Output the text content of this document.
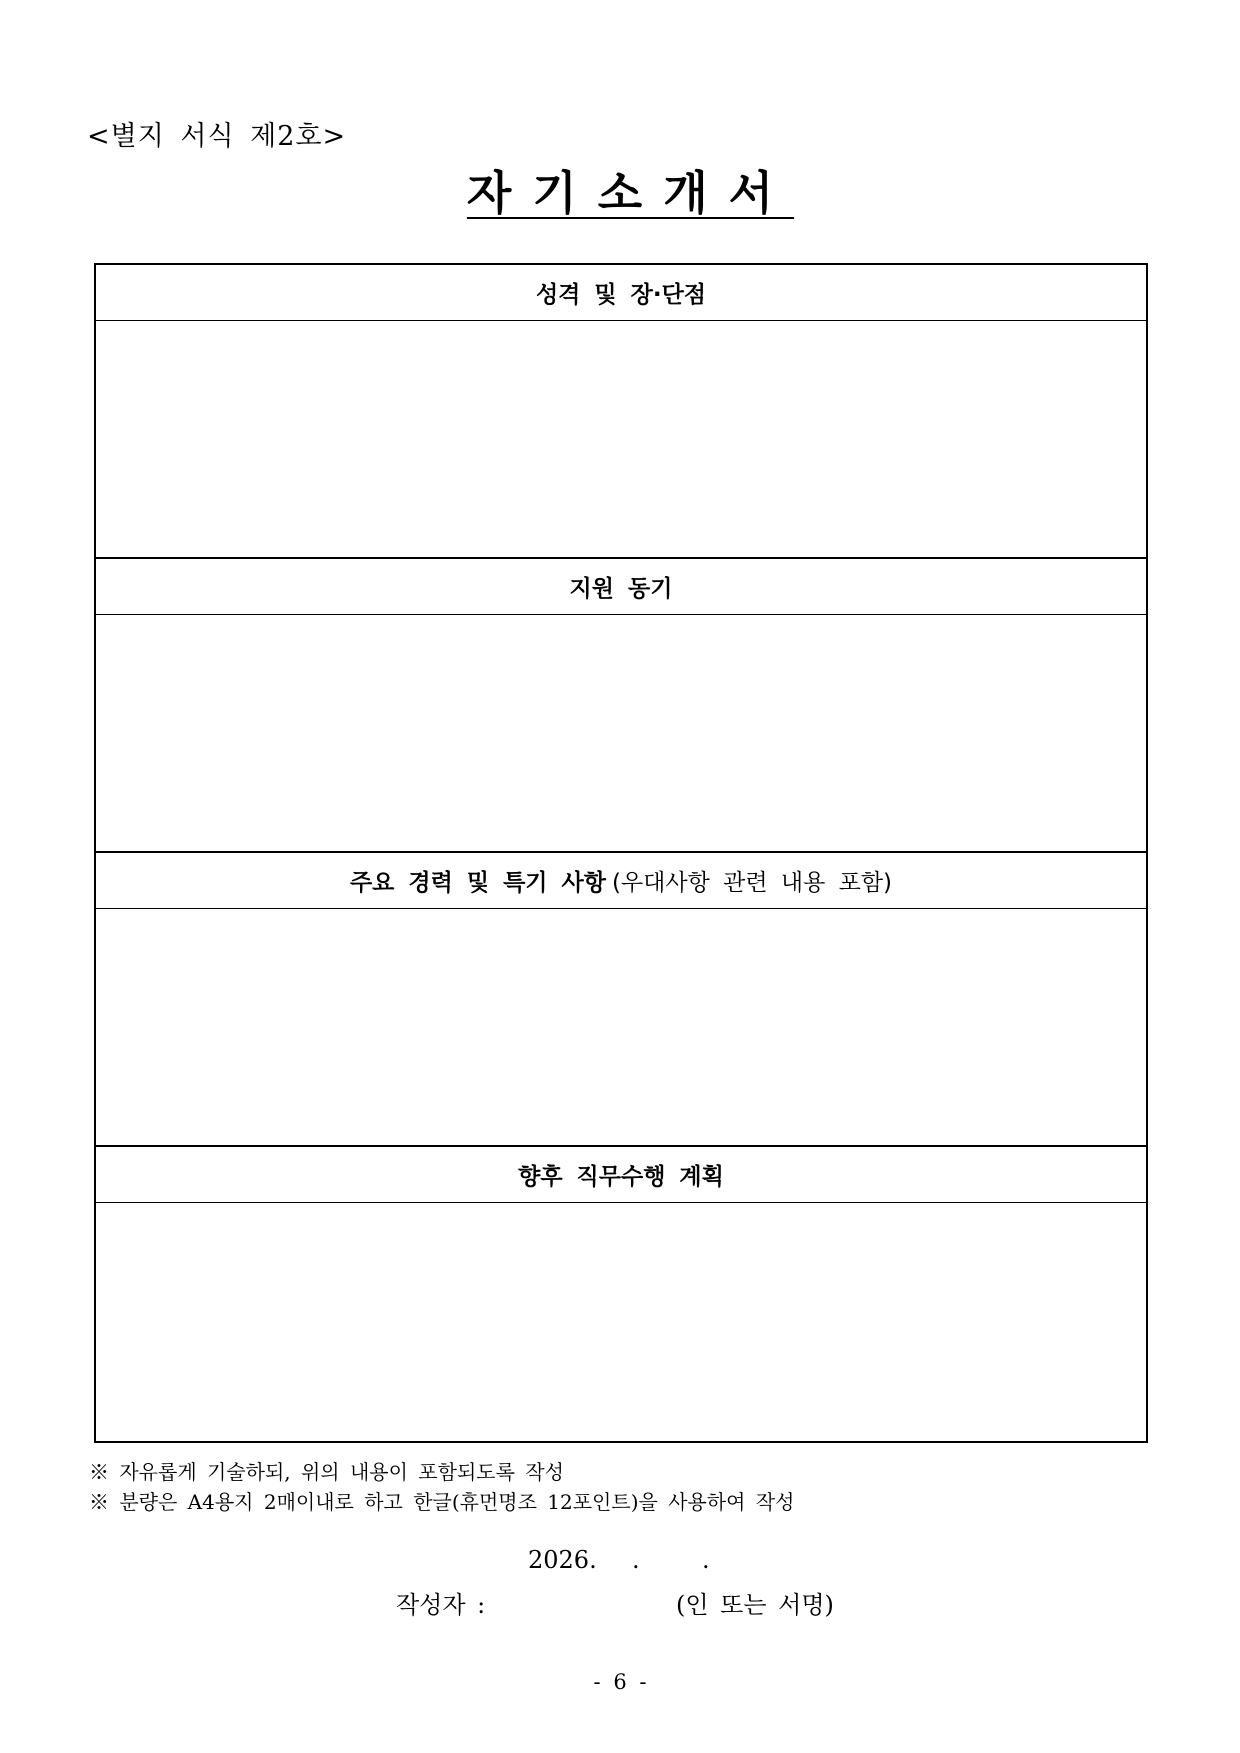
<별지 서식 제2호>
자기소개서
성격 및 장·단점
지원 동기
주요 경력 및 특기 사항 (우대사항 관련 내용 포함)
향후 직무수행 계획
※ 자유롭게 기술하되, 위의 내용이 포함되도록 작성
※ 분량은 A4용지 2매이내로 하고 한글(휴먼명조 12포인트)을 사용하여 작성
2026. .	.
작성자 :	(인 또는 서명)
- 6 -
